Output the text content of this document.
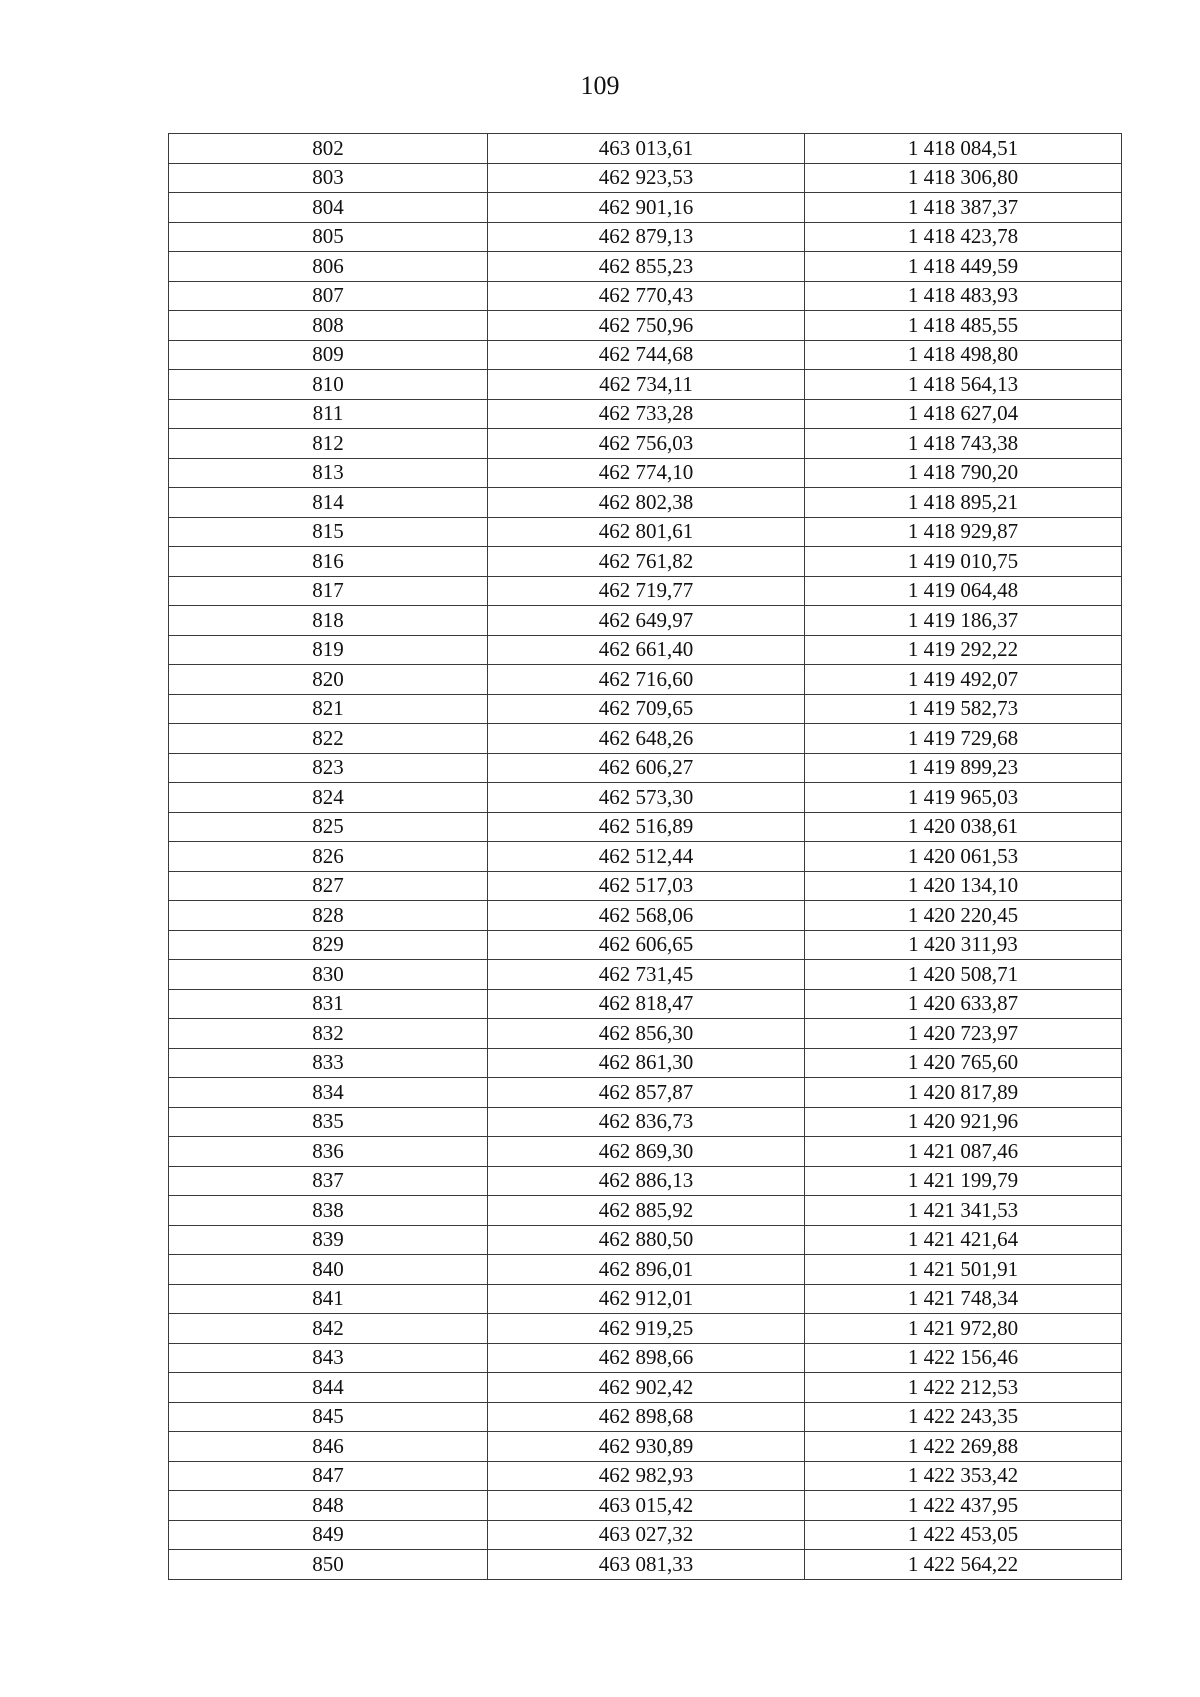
109
802	463 013,61	1 418 084,51
803	462 923,53	1 418 306,80
804	462 901,16	1 418 387,37
805	462 879,13	1 418 423,78
806	462 855,23	1 418 449,59
807	462 770,43	1 418 483,93
808	462 750,96	1 418 485,55
809	462 744,68	1 418 498,80
810	462 734,11	1 418 564,13
811	462 733,28	1 418 627,04
812	462 756,03	1 418 743,38
813	462 774,10	1 418 790,20
814	462 802,38	1 418 895,21
815	462 801,61	1 418 929,87
816	462 761,82	1 419 010,75
817	462 719,77	1 419 064,48
818	462 649,97	1 419 186,37
819	462 661,40	1 419 292,22
820	462 716,60	1 419 492,07
821	462 709,65	1 419 582,73
822	462 648,26	1 419 729,68
823	462 606,27	1 419 899,23
824	462 573,30	1 419 965,03
825	462 516,89	1 420 038,61
826	462 512,44	1 420 061,53
827	462 517,03	1 420 134,10
828	462 568,06	1 420 220,45
829	462 606,65	1 420 311,93
830	462 731,45	1 420 508,71
831	462 818,47	1 420 633,87
832	462 856,30	1 420 723,97
833	462 861,30	1 420 765,60
834	462 857,87	1 420 817,89
835	462 836,73	1 420 921,96
836	462 869,30	1 421 087,46
837	462 886,13	1 421 199,79
838	462 885,92	1 421 341,53
839	462 880,50	1 421 421,64
840	462 896,01	1 421 501,91
841	462 912,01	1 421 748,34
842	462 919,25	1 421 972,80
843	462 898,66	1 422 156,46
844	462 902,42	1 422 212,53
845	462 898,68	1 422 243,35
846	462 930,89	1 422 269,88
847	462 982,93	1 422 353,42
848	463 015,42	1 422 437,95
849	463 027,32	1 422 453,05
850	463 081,33	1 422 564,22
